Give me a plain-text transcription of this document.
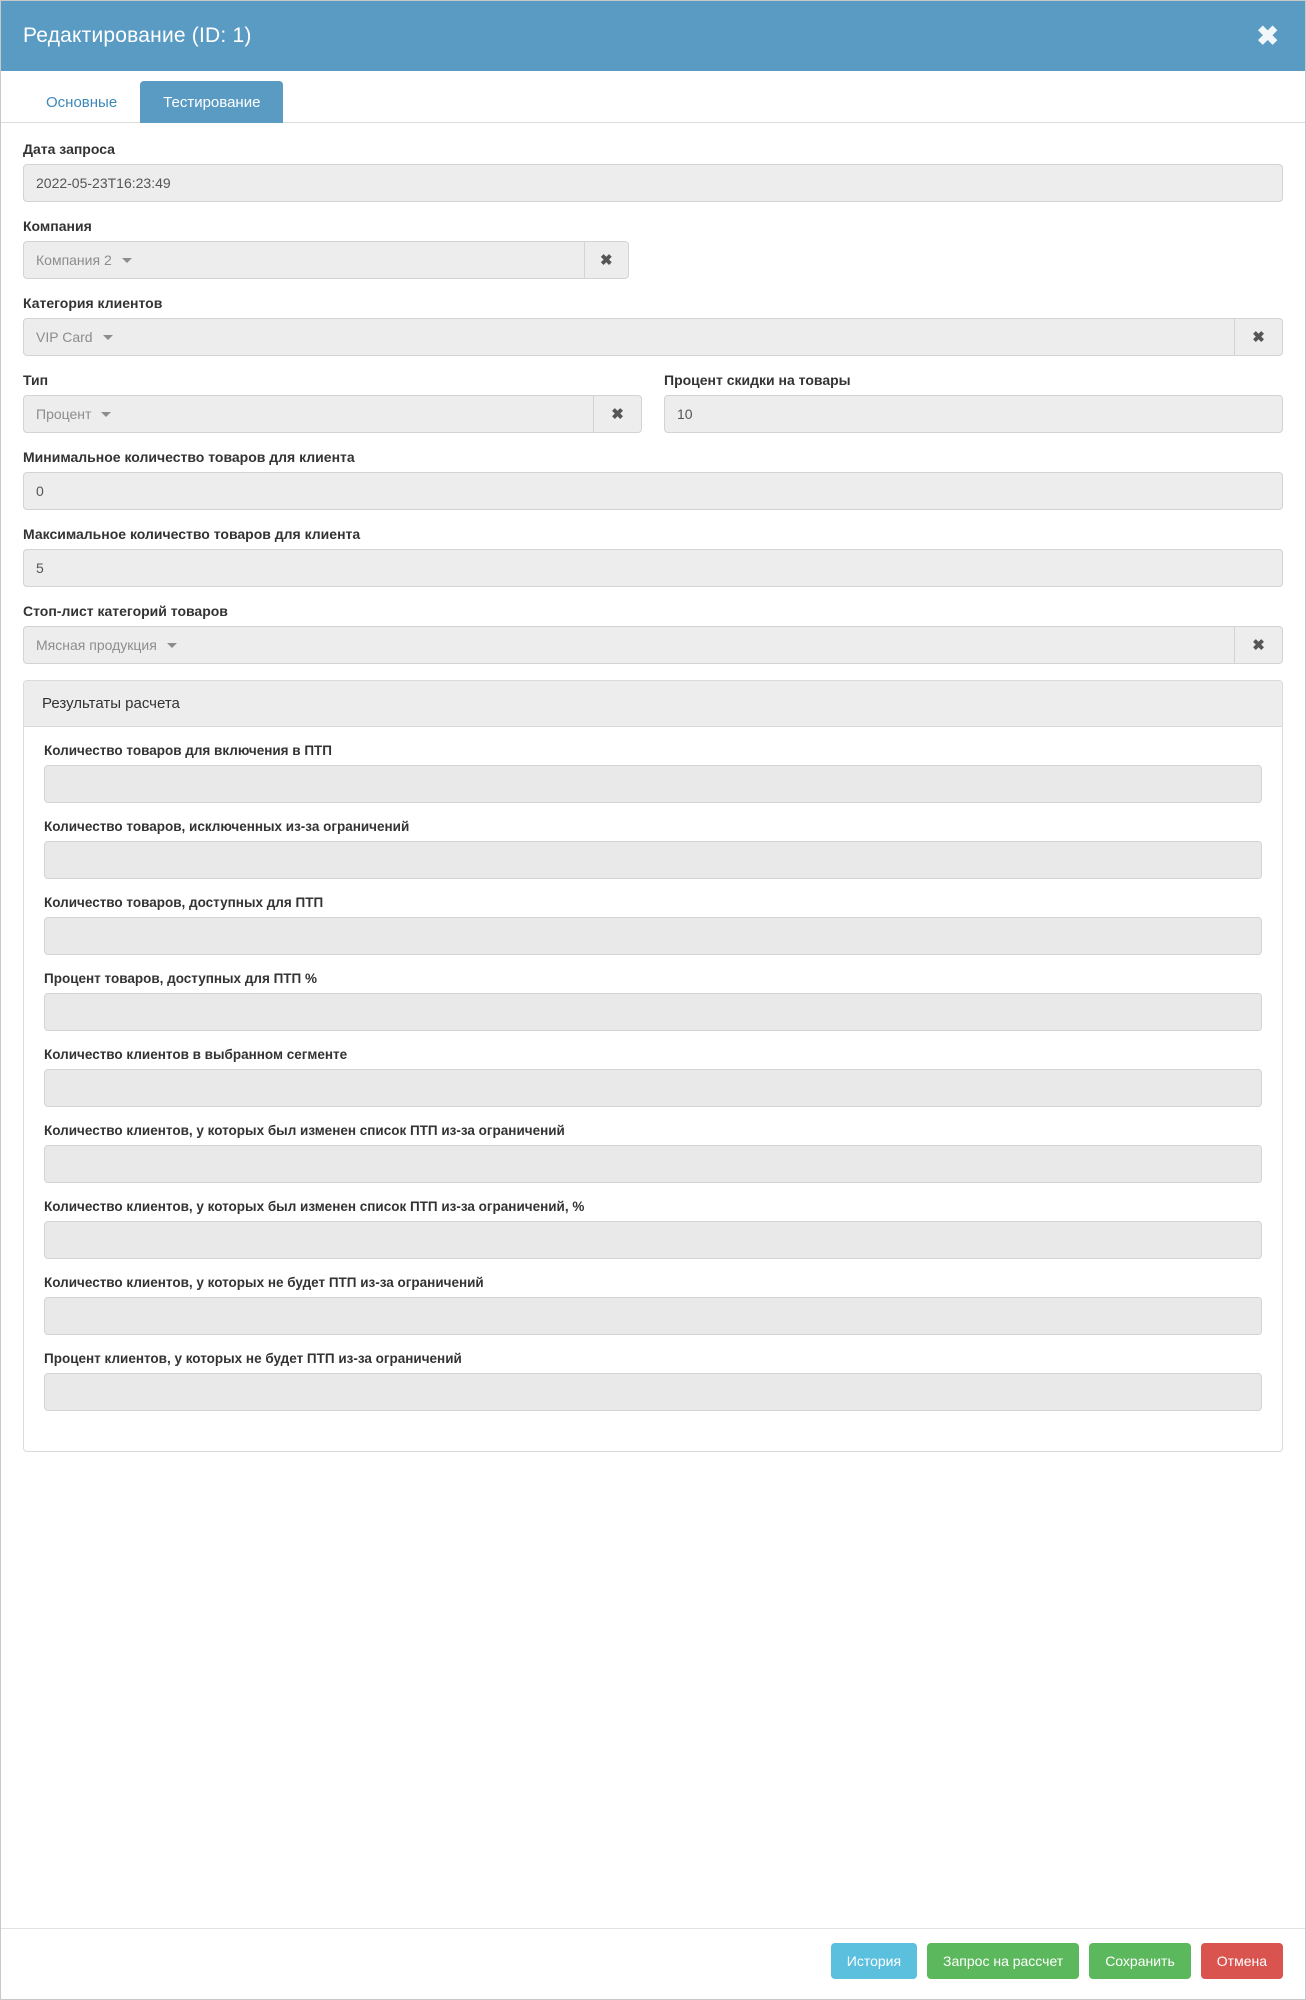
Редактирование (ID: 1)	✖
Основные	Тестирование
Дата запроса
2022-05-23T16:23:49
Компания
Компания 2	✖
Категория клиентов
VIP Card	✖
Тип
Процент	✖
Процент скидки на товары
10
Минимальное количество товаров для клиента
0
Максимальное количество товаров для клиента
5
Стоп-лист категорий товаров
Мясная продукция	✖
Результаты расчета
Количество товаров для включения в ПТП
Количество товаров, исключенных из-за ограничений
Количество товаров, доступных для ПТП
Процент товаров, доступных для ПТП %
Количество клиентов в выбранном сегменте
Количество клиентов, у которых был изменен список ПТП из-за ограничений
Количество клиентов, у которых был изменен список ПТП из-за ограничений, %
Количество клиентов, у которых не будет ПТП из-за ограничений
Процент клиентов, у которых не будет ПТП из-за ограничений
История	Запрос на рассчет	Сохранить	Отмена
